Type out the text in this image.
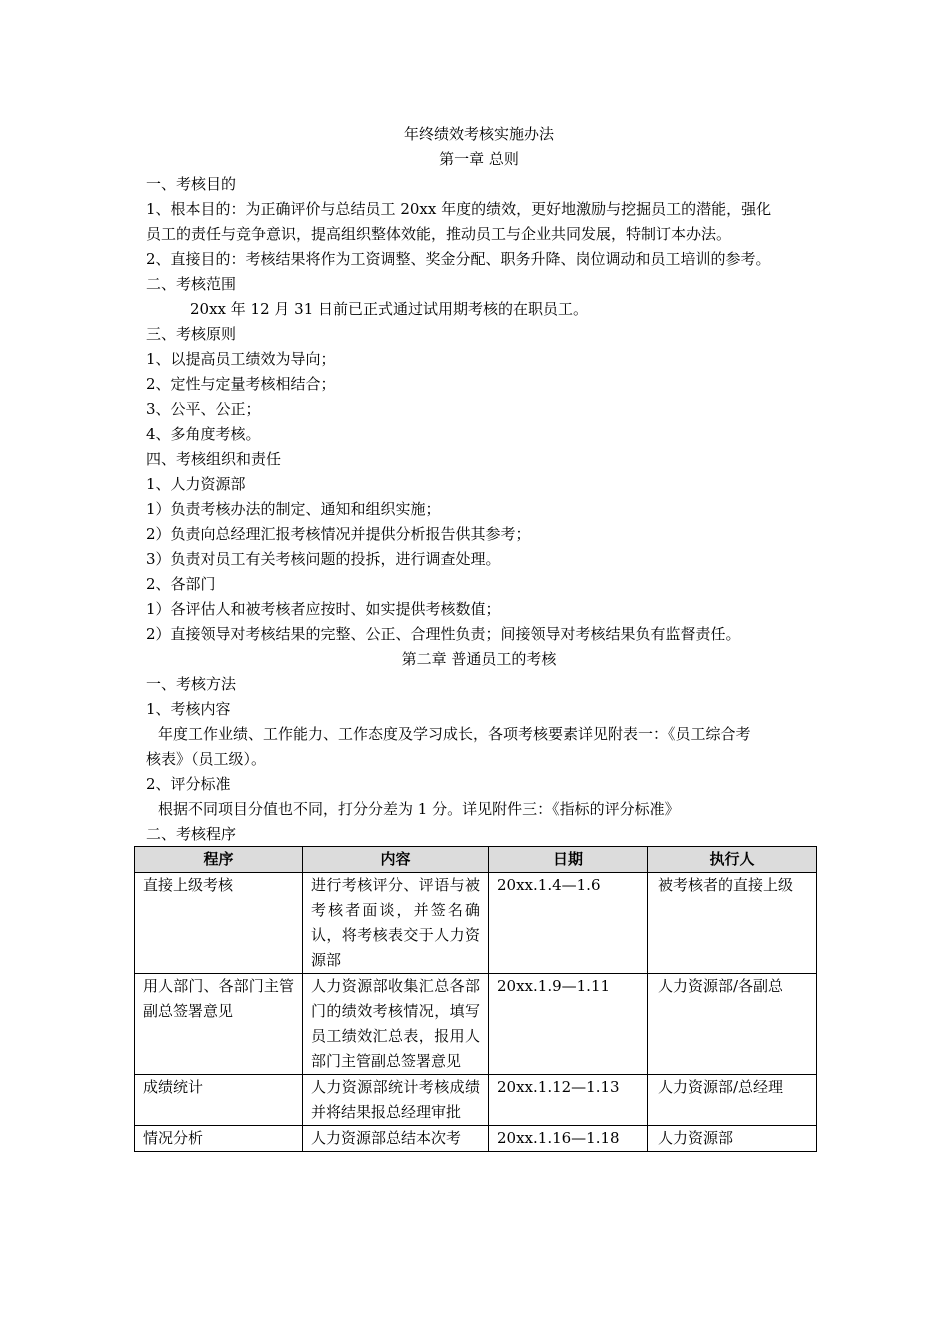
年终绩效考核实施办法
第一章 总则
一、考核目的
1、根本目的：为正确评价与总结员工 20xx 年度的绩效，更好地激励与挖掘员工的潜能，强化
员工的责任与竞争意识，提高组织整体效能，推动员工与企业共同发展，特制订本办法。
2、直接目的：考核结果将作为工资调整、奖金分配、职务升降、岗位调动和员工培训的参考。
二、考核范围
20xx 年 12 月 31 日前已正式通过试用期考核的在职员工。
三、考核原则
1、以提高员工绩效为导向；
2、定性与定量考核相结合；
3、公平、公正；
4、多角度考核。
四、考核组织和责任
1、人力资源部
1）负责考核办法的制定、通知和组织实施；
2）负责向总经理汇报考核情况并提供分析报告供其参考；
3）负责对员工有关考核问题的投拆，进行调查处理。
2、各部门
1）各评估人和被考核者应按时、如实提供考核数值；
2）直接领导对考核结果的完整、公正、合理性负责；间接领导对考核结果负有监督责任。
第二章 普通员工的考核
一、考核方法
1、考核内容
年度工作业绩、工作能力、工作态度及学习成长，各项考核要素详见附表一：《员工综合考
核表》（员工级）。
2、评分标准
根据不同项目分值也不同，打分分差为 1 分。详见附件三：《指标的评分标准》
二、考核程序
程序	内容	日期	执行人
直接上级考核	进行考核评分、评语与被考核者面谈，并签名确认，将考核表交于人力资源部	20xx.1.4—1.6	被考核者的直接上级
用人部门、各部门主管副总签署意见	人力资源部收集汇总各部门的绩效考核情况，填写员工绩效汇总表，报用人部门主管副总签署意见	20xx.1.9—1.11	人力资源部/各副总
成绩统计	人力资源部统计考核成绩并将结果报总经理审批	20xx.1.12—1.13	人力资源部/总经理
情况分析	人力资源部总结本次考	20xx.1.16—1.18	人力资源部
